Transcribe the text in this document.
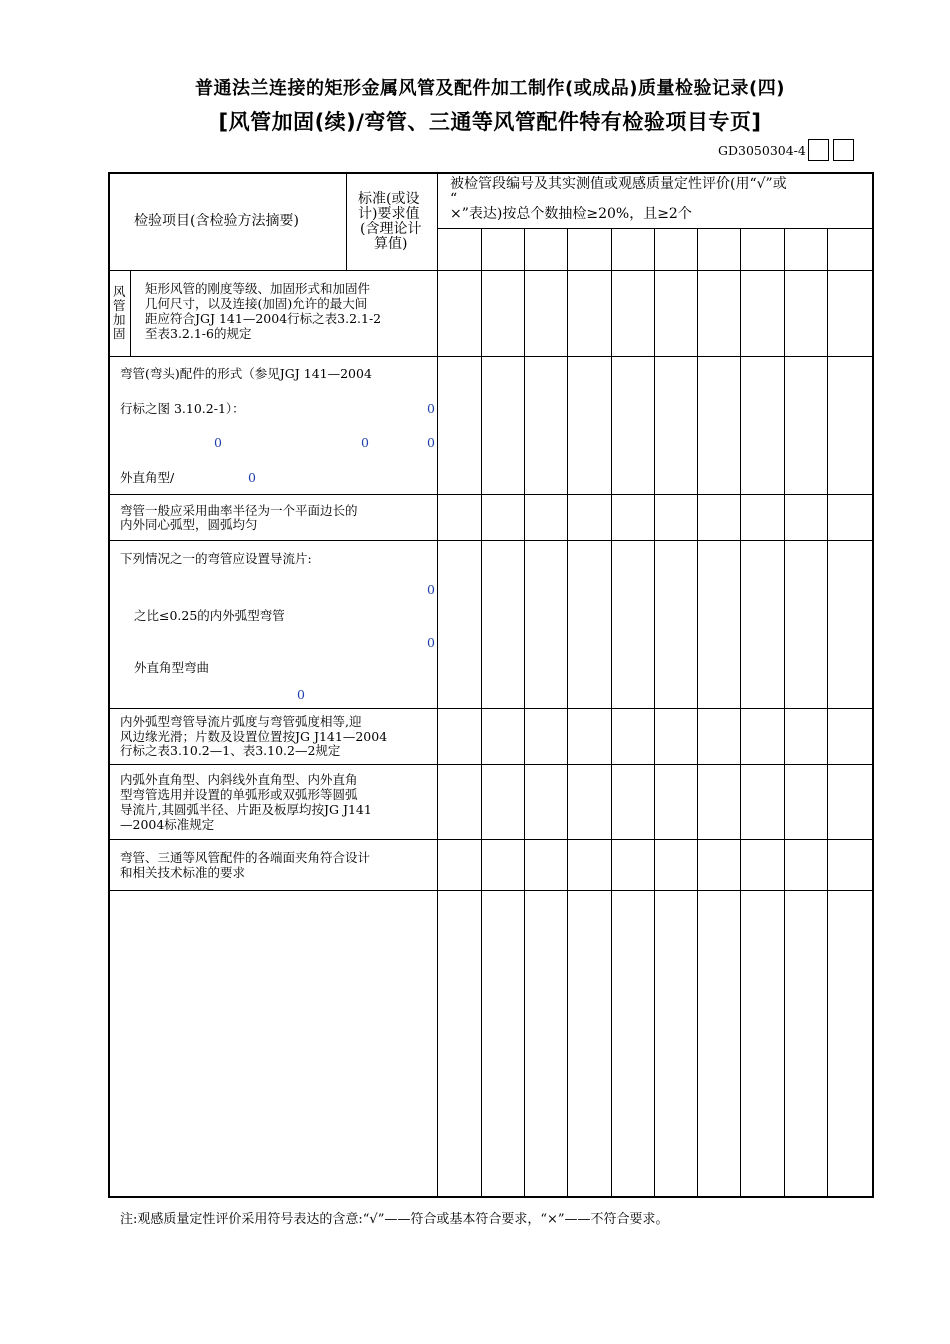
普通法兰连接的矩形金属风管及配件加工制作(或成品)质量检验记录(四)
[风管加固(续)/弯管、三通等风管配件特有检验项目专页]
GD3050304-4
检验项目(含检验方法摘要)
标准(或设
计)要求值
(含理论计
算值)
被检管段编号及其实测值或观感质量定性评价(用“√”或
“
×”表达)按总个数抽检≥20%，且≥2个
风
管
加
固
矩形风管的刚度等级、加固形式和加固件
几何尺寸，以及连接(加固)允许的最大间
距应符合JGJ 141—2004行标之表3.2.1-2
至表3.2.1-6的规定
弯管(弯头)配件的形式（参见JGJ 141—2004
行标之图 3.10.2-1）：	0
0	0	0
外直角型/	0
弯管一般应采用曲率半径为一个平面边长的
内外同心弧型，圆弧均匀
下列情况之一的弯管应设置导流片:
0
之比≤0.25的内外弧型弯管
0
外直角型弯曲
0
内外弧型弯管导流片弧度与弯管弧度相等,迎
风边缘光滑；片数及设置位置按JG J141—2004
行标之表3.10.2—1、表3.10.2—2规定
内弧外直角型、内斜线外直角型、内外直角
型弯管选用并设置的单弧形或双弧形等圆弧
导流片,其圆弧半径、片距及板厚均按JG J141
—2004标准规定
弯管、三通等风管配件的各端面夹角符合设计
和相关技术标准的要求
注:观感质量定性评价采用符号表达的含意:“√”——符合或基本符合要求，“×”——不符合要求。
